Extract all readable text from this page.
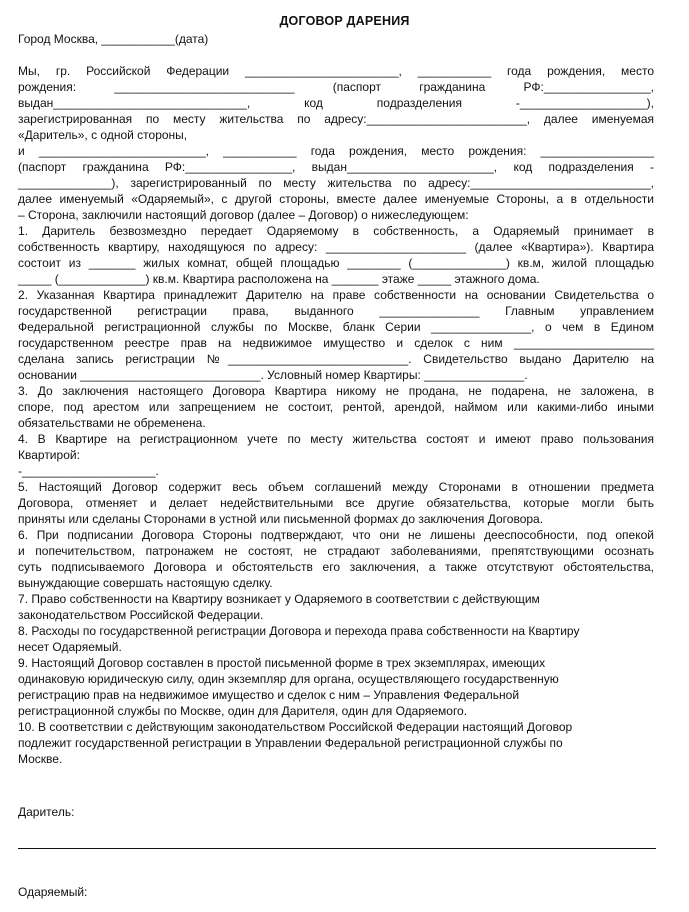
ДОГОВОР ДАРЕНИЯ
Город Москва, ___________(дата)
Мы, гр. Российской Федерации _______________________, ___________ года рождения, место
рождения: ___________________________ (паспорт гражданина РФ:________________,
выдан_____________________________, код подразделения -___________________),
зарегистрированная по месту жительства по адресу:________________________, далее именуемая
«Даритель», с одной стороны,
и _________________________, ___________ года рождения, место рождения: _________________
(паспорт гражданина РФ:________________, выдан______________________, код подразделения -
______________), зарегистрированный по месту жительства по адресу:___________________________,
далее именуемый «Одаряемый», с другой стороны, вместе далее именуемые Стороны, а в отдельности
– Сторона, заключили настоящий договор (далее – Договор) о нижеследующем:
1. Даритель безвозмездно передает Одаряемому в собственность, а Одаряемый принимает в
собственность квартиру, находящуюся по адресу: _____________________ (далее «Квартира»). Квартира
состоит из _______ жилых комнат, общей площадью ________ (______________) кв.м, жилой площадью
_____ (_____________) кв.м. Квартира расположена на _______ этаже _____ этажного дома.
2. Указанная Квартира принадлежит Дарителю на праве собственности на основании Свидетельства о
государственной регистрации права, выданного _______________ Главным управлением
Федеральной регистрационной службы по Москве, бланк Серии _______________, о чем в Едином
государственном реестре прав на недвижимое имущество и сделок с ним _____________________
сделана запись регистрации №___________________________. Свидетельство выдано Дарителю на
основании ___________________________. Условный номер Квартиры: _______________.
3. До заключения настоящего Договора Квартира никому не продана, не подарена, не заложена, в
споре, под арестом или запрещением не состоит, рентой, арендой, наймом или какими-либо иными
обязательствами не обременена.
4. В Квартире на регистрационном учете по месту жительства состоят и имеют право пользования
Квартирой:
-____________________.
5. Настоящий Договор содержит весь объем соглашений между Сторонами в отношении предмета
Договора, отменяет и делает недействительными все другие обязательства, которые могли быть
приняты или сделаны Сторонами в устной или письменной формах до заключения Договора.
6. При подписании Договора Стороны подтверждают, что они не лишены дееспособности, под опекой
и попечительством, патронажем не состоят, не страдают заболеваниями, препятствующими осознать
суть подписываемого Договора и обстоятельств его заключения, а также отсутствуют обстоятельства,
вынуждающие совершать настоящую сделку.
7. Право собственности на Квартиру возникает у Одаряемого в соответствии с действующим
законодательством Российской Федерации.
8. Расходы по государственной регистрации Договора и перехода права собственности на Квартиру
несет Одаряемый.
9. Настоящий Договор составлен в простой письменной форме в трех экземплярах, имеющих
одинаковую юридическую силу, один экземпляр для органа, осуществляющего государственную
регистрацию прав на недвижимое имущество и сделок с ним – Управления Федеральной
регистрационной службы по Москве, один для Дарителя, один для Одаряемого.
10. В соответствии с действующим законодательством Российской Федерации настоящий Договор
подлежит государственной регистрации в Управлении Федеральной регистрационной службы по
Москве.
Даритель:
Одаряемый:
